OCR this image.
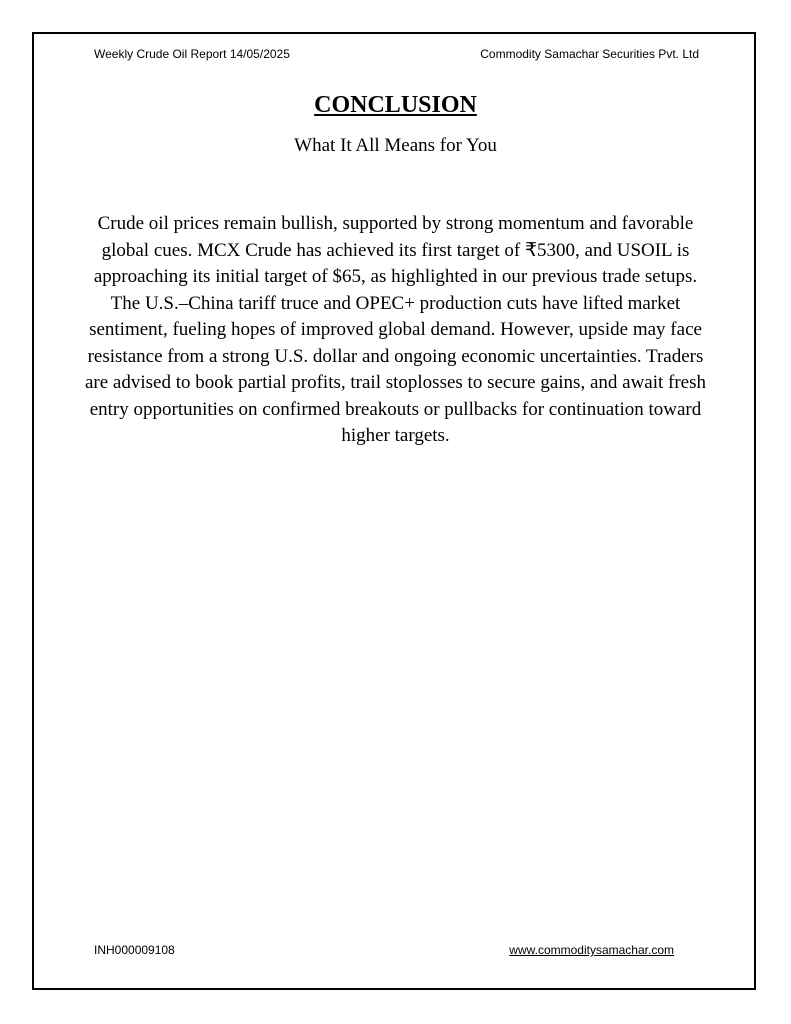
Weekly Crude Oil Report 14/05/2025	Commodity Samachar Securities Pvt. Ltd
CONCLUSION
What It All Means for You

Crude oil prices remain bullish, supported by strong momentum and favorable global cues. MCX Crude has achieved its first target of ₹5300, and USOIL is approaching its initial target of $65, as highlighted in our previous trade setups. The U.S.–China tariff truce and OPEC+ production cuts have lifted market sentiment, fueling hopes of improved global demand. However, upside may face resistance from a strong U.S. dollar and ongoing economic uncertainties. Traders are advised to book partial profits, trail stoplosses to secure gains, and await fresh entry opportunities on confirmed breakouts or pullbacks for continuation toward higher targets.

INH000009108	www.commoditysamachar.com
